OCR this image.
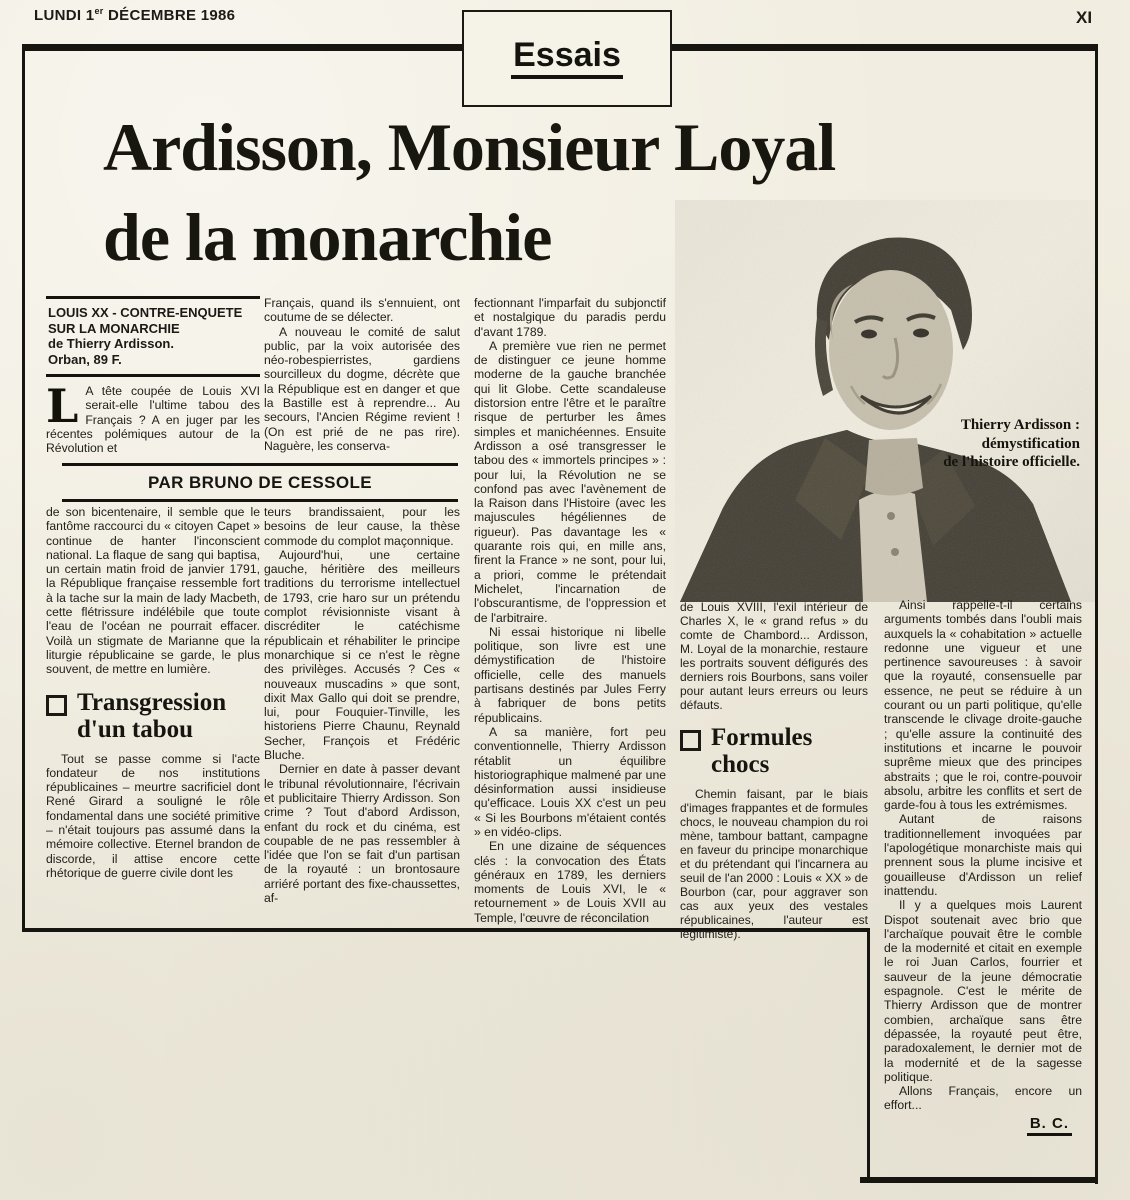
LUNDI 1er DÉCEMBRE 1986	XI
Essais
Ardisson, Monsieur Loyal
de la monarchie
Thierry Ardisson :
démystification
de l'histoire officielle.
LOUIS XX - CONTRE-ENQUETE
SUR LA MONARCHIE
de Thierry Ardisson.
Orban, 89 F.

L A tête coupée de Louis XVI serait-elle l'ultime tabou des Français ? A en juger par les récentes polémiques autour de la Révolution et

PAR BRUNO DE CESSOLE

de son bicentenaire, il semble que le fantôme raccourci du « citoyen Capet » continue de hanter l'inconscient national. La flaque de sang qui baptisa, un certain matin froid de janvier 1791, la République française ressemble fort à la tache sur la main de lady Macbeth, cette flétrissure indélébile que toute l'eau de l'océan ne pourrait effacer. Voilà un stigmate de Marianne que la liturgie républicaine se garde, le plus souvent, de mettre en lumière.

Transgression d'un tabou

Tout se passe comme si l'acte fondateur de nos institutions républicaines – meurtre sacrificiel dont René Girard a souligné le rôle fondamental dans une société primitive – n'était toujours pas assumé dans la mémoire collective. Eternel brandon de discorde, il attise encore cette rhétorique de guerre civile dont les

Français, quand ils s'ennuient, ont coutume de se délecter.

A nouveau le comité de salut public, par la voix autorisée des néo-robespierristes, gardiens sourcilleux du dogme, décrète que la République est en danger et que la Bastille est à reprendre... Au secours, l'Ancien Régime revient ! (On est prié de ne pas rire). Naguère, les conserva-

teurs brandissaient, pour les besoins de leur cause, la thèse commode du complot maçonnique.

Aujourd'hui, une certaine gauche, héritière des meilleurs traditions du terrorisme intellectuel de 1793, crie haro sur un prétendu complot révisionniste visant à discréditer le catéchisme républicain et réhabiliter le principe monarchique si ce n'est le règne des privilèges. Accusés ? Ces « nouveaux muscadins » que sont, dixit Max Gallo qui doit se prendre, lui, pour Fouquier-Tinville, les historiens Pierre Chaunu, Reynald Secher, François et Frédéric Bluche.

Dernier en date à passer devant le tribunal révolutionnaire, l'écrivain et publicitaire Thierry Ardisson. Son crime ? Tout d'abord Ardisson, enfant du rock et du cinéma, est coupable de ne pas ressembler à l'idée que l'on se fait d'un partisan de la royauté : un brontosaure arriéré portant des fixe-chaussettes, af-

fectionnant l'imparfait du subjonctif et nostalgique du paradis perdu d'avant 1789.

A première vue rien ne permet de distinguer ce jeune homme moderne de la gauche branchée qui lit Globe. Cette scandaleuse distorsion entre l'être et le paraître risque de perturber les âmes simples et manichéennes. Ensuite Ardisson a osé transgresser le tabou des « immortels principes » : pour lui, la Révolution ne se confond pas avec l'avènement de la Raison dans l'Histoire (avec les majuscules hégéliennes de rigueur). Pas davantage les « quarante rois qui, en mille ans, firent la France » ne sont, pour lui, a priori, comme le prétendait Michelet, l'incarnation de l'obscurantisme, de l'oppression et de l'arbitraire.

Ni essai historique ni libelle politique, son livre est une démystification de l'histoire officielle, celle des manuels partisans destinés par Jules Ferry à fabriquer de bons petits républicains.

A sa manière, fort peu conventionnelle, Thierry Ardisson rétablit un équilibre historiographique malmené par une désinformation aussi insidieuse qu'efficace. Louis XX c'est un peu « Si les Bourbons m'étaient contés » en vidéo-clips.

En une dizaine de séquences clés : la convocation des États généraux en 1789, les derniers moments de Louis XVI, le « retournement » de Louis XVII au Temple, l'œuvre de réconcilation

de Louis XVIII, l'exil intérieur de Charles X, le « grand refus » du comte de Chambord... Ardisson, M. Loyal de la monarchie, restaure les portraits souvent défigurés des derniers rois Bourbons, sans voiler pour autant leurs erreurs ou leurs défauts.

Formules chocs

Chemin faisant, par le biais d'images frappantes et de formules chocs, le nouveau champion du roi mène, tambour battant, campagne en faveur du principe monarchique et du prétendant qui l'incarnera au seuil de l'an 2000 : Louis « XX » de Bourbon (car, pour aggraver son cas aux yeux des vestales républicaines, l'auteur est légitimiste).

Ainsi rappelle-t-il certains arguments tombés dans l'oubli mais auxquels la « cohabitation » actuelle redonne une vigueur et une pertinence savoureuses : à savoir que la royauté, consensuelle par essence, ne peut se réduire à un courant ou un parti politique, qu'elle transcende le clivage droite-gauche ; qu'elle assure la continuité des institutions et incarne le pouvoir suprême mieux que des principes abstraits ; que le roi, contre-pouvoir absolu, arbitre les conflits et sert de garde-fou à tous les extrémismes.

Autant de raisons traditionnellement invoquées par l'apologétique monarchiste mais qui prennent sous la plume incisive et gouailleuse d'Ardisson un relief inattendu.

Il y a quelques mois Laurent Dispot soutenait avec brio que l'archaïque pouvait être le comble de la modernité et citait en exemple le roi Juan Carlos, fourrier et sauveur de la jeune démocratie espagnole. C'est le mérite de Thierry Ardisson que de montrer combien, archaïque sans être dépassée, la royauté peut être, paradoxalement, le dernier mot de la modernité et de la sagesse politique.

Allons Français, encore un effort...

B. C.
